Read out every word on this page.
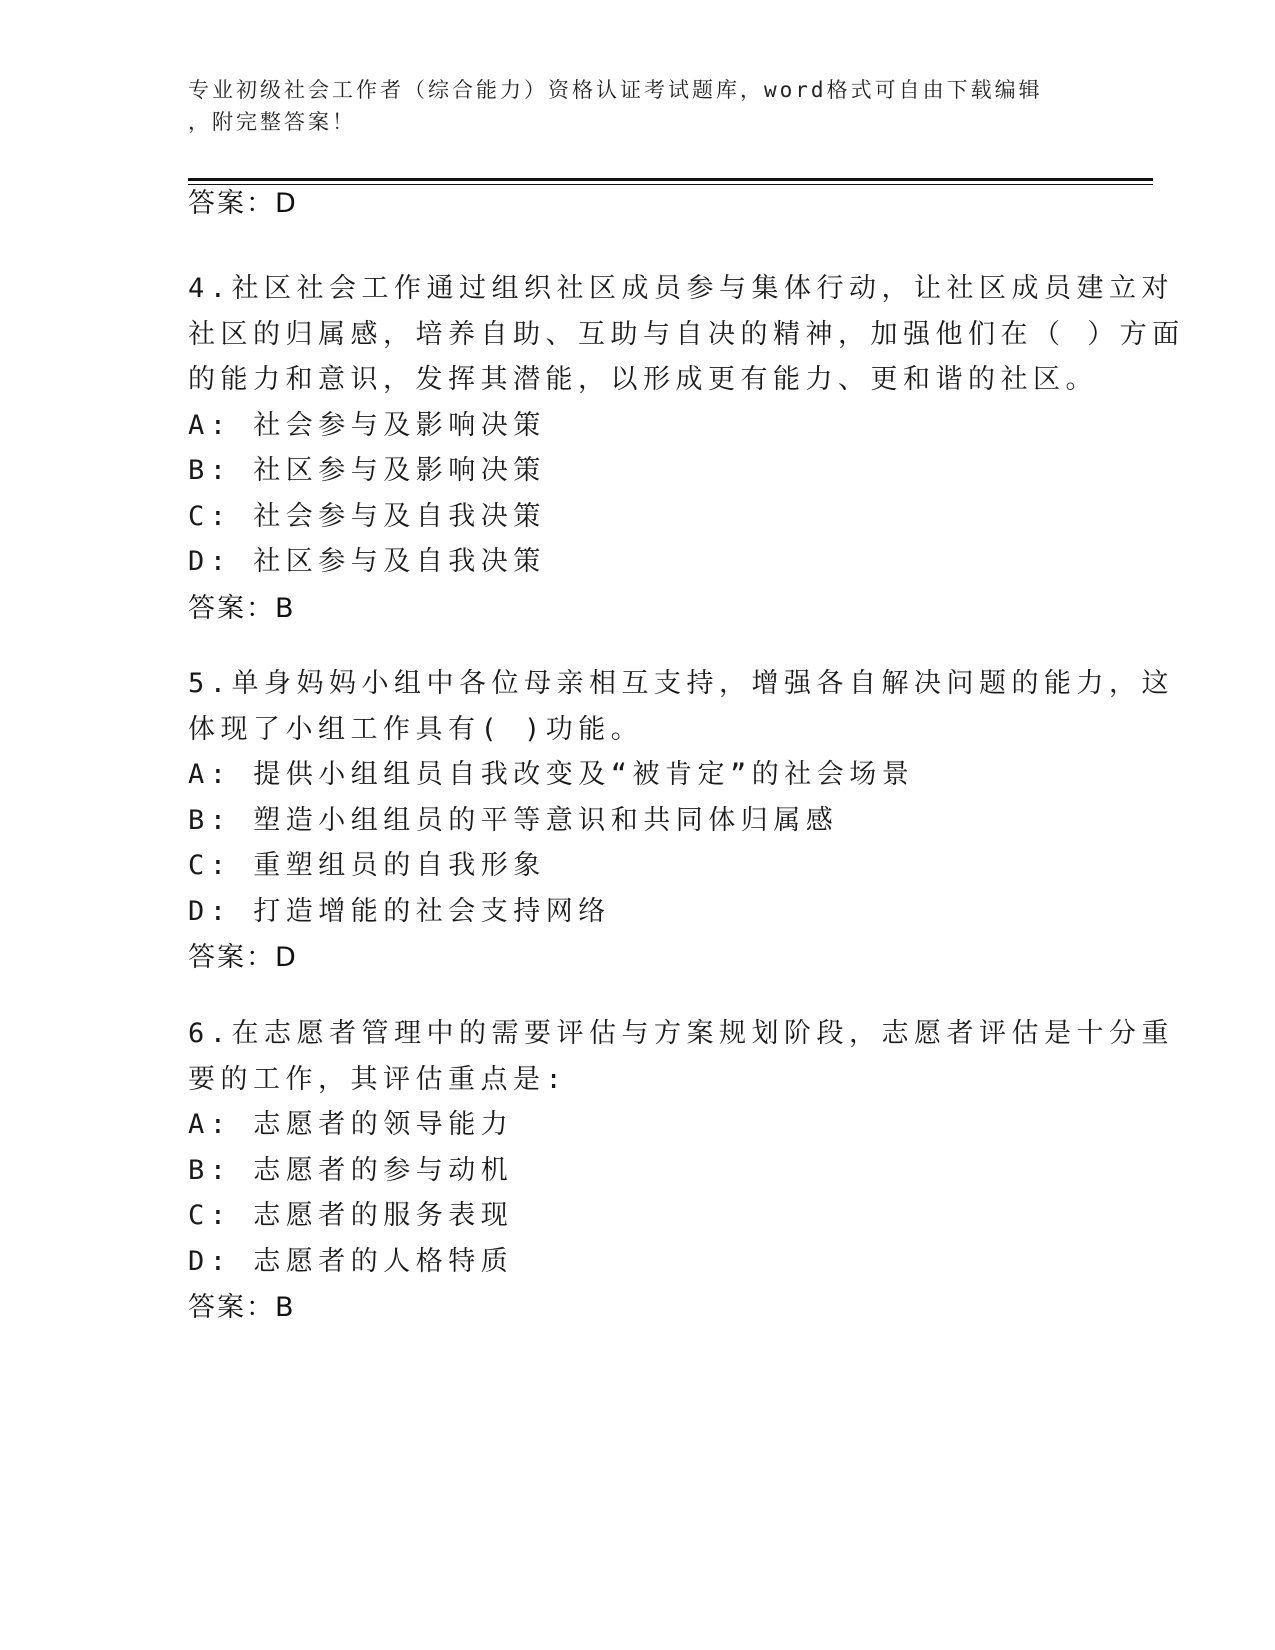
专业初级社会工作者（综合能力）资格认证考试题库，word格式可自由下载编辑
，附完整答案！
答案：D
4.社区社会工作通过组织社区成员参与集体行动，让社区成员建立对
社区的归属感，培养自助、互助与自决的精神，加强他们在（ ）方面
的能力和意识，发挥其潜能，以形成更有能力、更和谐的社区。
A: 社会参与及影响决策
B: 社区参与及影响决策
C: 社会参与及自我决策
D: 社区参与及自我决策
答案：B
5.单身妈妈小组中各位母亲相互支持，增强各自解决问题的能力，这
体现了小组工作具有( )功能。
A: 提供小组组员自我改变及“被肯定”的社会场景
B: 塑造小组组员的平等意识和共同体归属感
C: 重塑组员的自我形象
D: 打造增能的社会支持网络
答案：D
6.在志愿者管理中的需要评估与方案规划阶段，志愿者评估是十分重
要的工作，其评估重点是:
A: 志愿者的领导能力
B: 志愿者的参与动机
C: 志愿者的服务表现
D: 志愿者的人格特质
答案：B
